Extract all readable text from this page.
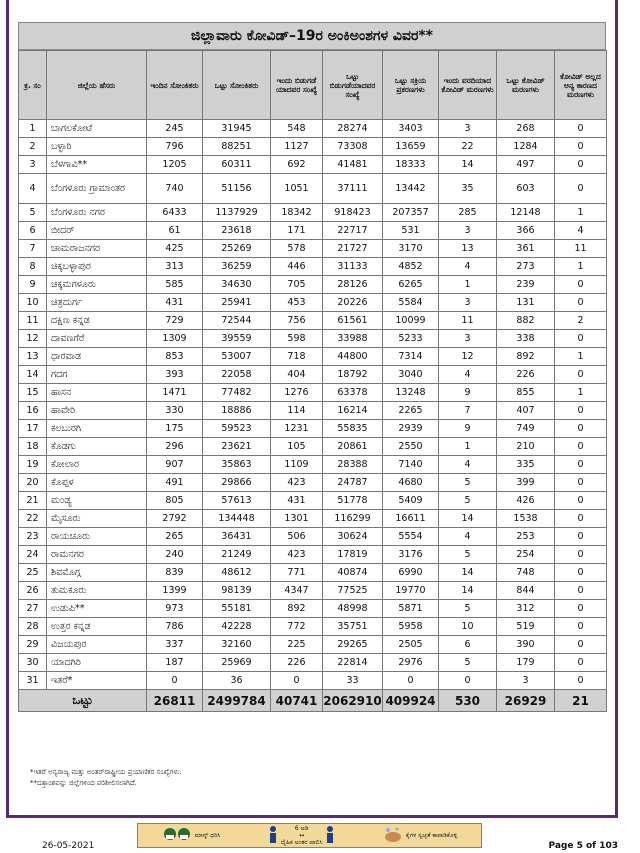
ಜಿಲ್ಲಾವಾರು ಕೋವಿಡ್–19ರ ಅಂಕಿಅಂಶಗಳ ವಿವರ**
ಕ್ರ. ಸಂ	ಜಿಲ್ಲೆಯ ಹೆಸರು	ಇಂದಿನ ಸೋಂಕಿತರು	ಒಟ್ಟು ಸೋಂಕಿತರು	ಇಂದು ಬಿಡುಗಡೆ ಯಾದವರ ಸಂಖ್ಯೆ	ಒಟ್ಟು ಬಿಡುಗಡೆಯಾದವರ ಸಂಖ್ಯೆ	ಒಟ್ಟು ಸಕ್ರಿಯ ಪ್ರಕರಣಗಳು	ಇಂದು ವರದಿಯಾದ ಕೋವಿಡ್ ಮರಣಗಳು	ಒಟ್ಟು ಕೋವಿಡ್ ಮರಣಗಳು	ಕೋವಿಡ್ ಅಲ್ಲದ ಅನ್ಯ ಕಾರಣದ ಮರಣಗಳು
1	ಬಾಗಲಕೋಟೆ	245	31945	548	28274	3403	3	268	0
2	ಬಳ್ಳಾರಿ	796	88251	1127	73308	13659	22	1284	0
3	ಬೆಳಗಾವಿ**	1205	60311	692	41481	18333	14	497	0
4	ಬೆಂಗಳೂರು ಗ್ರಾಮಾಂತರ	740	51156	1051	37111	13442	35	603	0
5	ಬೆಂಗಳೂರು ನಗರ	6433	1137929	18342	918423	207357	285	12148	1
6	ಬೀದರ್	61	23618	171	22717	531	3	366	4
7	ಚಾಮರಾಜನಗರ	425	25269	578	21727	3170	13	361	11
8	ಚಿಕ್ಕಬಳ್ಳಾಪುರ	313	36259	446	31133	4852	4	273	1
9	ಚಿಕ್ಕಮಗಳೂರು	585	34630	705	28126	6265	1	239	0
10	ಚಿತ್ರದುರ್ಗ	431	25941	453	20226	5584	3	131	0
11	ದಕ್ಷಿಣ ಕನ್ನಡ	729	72544	756	61561	10099	11	882	2
12	ದಾವಣಗೆರೆ	1309	39559	598	33988	5233	3	338	0
13	ಧಾರವಾಡ	853	53007	718	44800	7314	12	892	1
14	ಗದಗ	393	22058	404	18792	3040	4	226	0
15	ಹಾಸನ	1471	77482	1276	63378	13248	9	855	1
16	ಹಾವೇರಿ	330	18886	114	16214	2265	7	407	0
17	ಕಲಬುರಗಿ	175	59523	1231	55835	2939	9	749	0
18	ಕೊಡಗು	296	23621	105	20861	2550	1	210	0
19	ಕೋಲಾರ	907	35863	1109	28388	7140	4	335	0
20	ಕೊಪ್ಪಳ	491	29866	423	24787	4680	5	399	0
21	ಮಂಡ್ಯ	805	57613	431	51778	5409	5	426	0
22	ಮೈಸೂರು	2792	134448	1301	116299	16611	14	1538	0
23	ರಾಯಚೂರು	265	36431	506	30624	5554	4	253	0
24	ರಾಮನಗರ	240	21249	423	17819	3176	5	254	0
25	ಶಿವಮೊಗ್ಗ	839	48612	771	40874	6990	14	748	0
26	ತುಮಕೂರು	1399	98139	4347	77525	19770	14	844	0
27	ಉಡುಪಿ**	973	55181	892	48998	5871	5	312	0
28	ಉತ್ತರ ಕನ್ನಡ	786	42228	772	35751	5958	10	519	0
29	ವಿಜಯಪುರ	337	32160	225	29265	2505	6	390	0
30	ಯಾದಗಿರಿ	187	25969	226	22814	2976	5	179	0
31	ಇತರೆ*	0	36	0	33	0	0	3	0
ಒಟ್ಟು		26811	2499784	40741	2062910	409924	530	26929	21
*ಇತರೆ ಅನ್ಯರಾಜ್ಯ ಮತ್ತು ಅಂತರ್‌ರಾಷ್ಟ್ರೀಯ ಪ್ರಯಾಣಿಕರ ಸಂಖ್ಯೆಗಳು.
**ದತ್ತಾಂಶವನ್ನು ಜಿಲ್ಲೆಗಳಿಂದ ಪರಿಶೀಲಿಸಲಾಗಿದೆ.
26-05-2021
ಮಾಸ್ಕ್ ಧರಿಸಿ
6 ಅಡಿ
↔
ದೈಹಿಕ ಅಂತರ ಪಾಲಿಸಿ
ಕೈಗಳ ಸ್ವಚ್ಛತೆ ಕಾಪಾಡಿಕೊಳ್ಳಿ
Page 5 of 103
